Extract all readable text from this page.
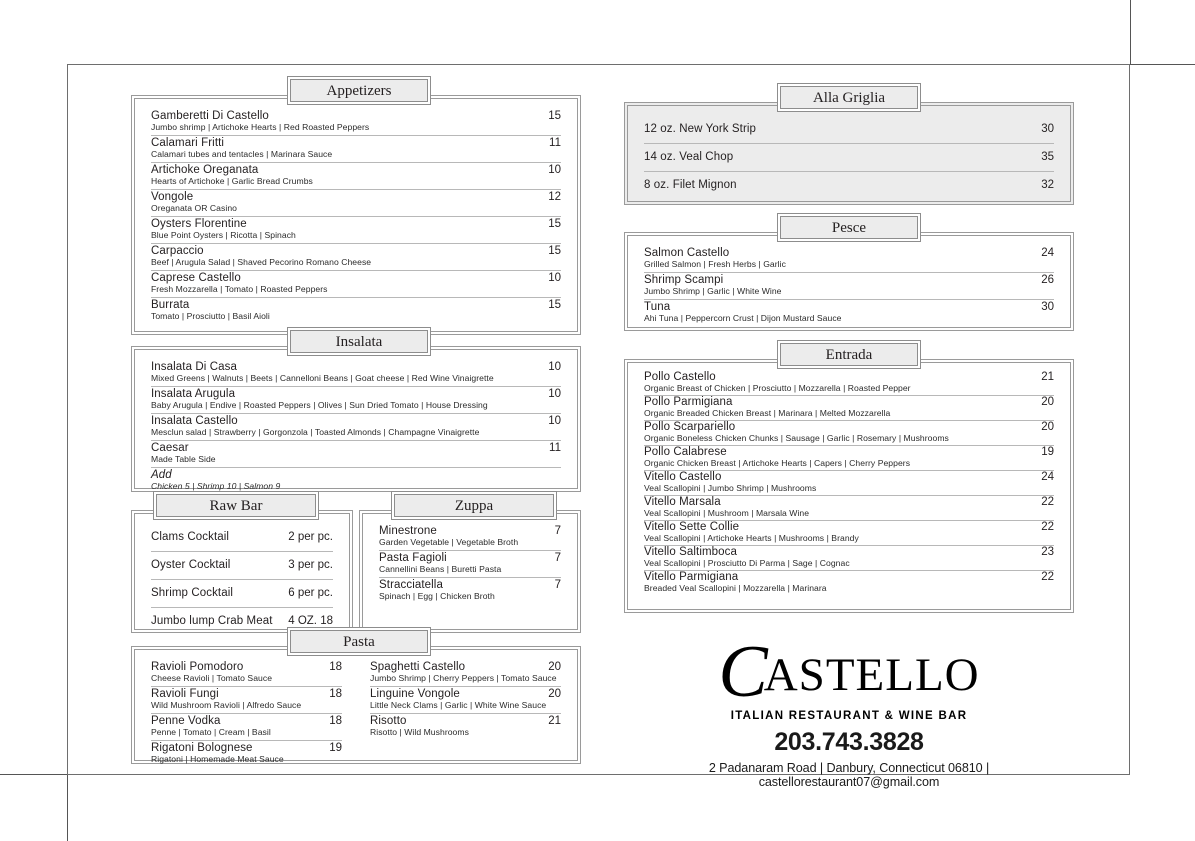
Appetizers
Gamberetti Di Castello	15
Jumbo shrimp | Artichoke Hearts | Red Roasted Peppers
Calamari Fritti	11
Calamari tubes and tentacles | Marinara Sauce
Artichoke Oreganata	10
Hearts of Artichoke | Garlic Bread Crumbs
Vongole	12
Oreganata OR Casino
Oysters Florentine	15
Blue Point Oysters | Ricotta | Spinach
Carpaccio	15
Beef | Arugula Salad | Shaved Pecorino Romano Cheese
Caprese Castello	10
Fresh Mozzarella | Tomato | Roasted Peppers
Burrata	15
Tomato | Prosciutto | Basil Aioli
Insalata
Insalata Di Casa	10
Mixed Greens | Walnuts | Beets | Cannelloni Beans | Goat cheese | Red Wine Vinaigrette
Insalata Arugula	10
Baby Arugula | Endive | Roasted Peppers | Olives | Sun Dried Tomato | House Dressing
Insalata Castello	10
Mesclun salad | Strawberry | Gorgonzola | Toasted Almonds | Champagne Vinaigrette
Caesar	11
Made Table Side
Add
Chicken 5 | Shrimp 10 | Salmon 9
Raw Bar
Clams Cocktail	2 per pc.
Oyster Cocktail	3 per pc.
Shrimp Cocktail	6 per pc.
Jumbo lump Crab Meat	4 OZ. 18
Zuppa
Minestrone	7
Garden Vegetable | Vegetable Broth
Pasta Fagioli	7
Cannellini Beans | Buretti Pasta
Stracciatella	7
Spinach | Egg | Chicken Broth
Pasta
Ravioli Pomodoro	18
Cheese Ravioli | Tomato Sauce
Ravioli Fungi	18
Wild Mushroom Ravioli | Alfredo Sauce
Penne Vodka	18
Penne | Tomato | Cream | Basil
Rigatoni Bolognese	19
Rigatoni | Homemade Meat Sauce
Spaghetti Castello	20
Jumbo Shrimp | Cherry Peppers | Tomato Sauce
Linguine Vongole	20
Little Neck Clams | Garlic | White Wine Sauce
Risotto	21
Risotto | Wild Mushrooms
Alla Griglia
12 oz. New York Strip	30
14 oz. Veal Chop	35
8 oz. Filet Mignon	32
Pesce
Salmon Castello	24
Grilled Salmon | Fresh Herbs | Garlic
Shrimp Scampi	26
Jumbo Shrimp | Garlic | White Wine
Tuna	30
Ahi Tuna | Peppercorn Crust | Dijon Mustard Sauce
Entrada
Pollo Castello	21
Organic Breast of Chicken | Prosciutto | Mozzarella | Roasted Pepper
Pollo Parmigiana	20
Organic Breaded Chicken Breast | Marinara | Melted Mozzarella
Pollo Scarpariello	20
Organic Boneless Chicken Chunks | Sausage | Garlic | Rosemary | Mushrooms
Pollo Calabrese	19
Organic Chicken Breast | Artichoke Hearts | Capers | Cherry Peppers
Vitello Castello	24
Veal Scallopini | Jumbo Shrimp | Mushrooms
Vitello Marsala	22
Veal Scallopini | Mushroom | Marsala Wine
Vitello Sette Collie	22
Veal Scallopini | Artichoke Hearts | Mushrooms | Brandy
Vitello Saltimboca	23
Veal Scallopini | Prosciutto Di Parma | Sage | Cognac
Vitello Parmigiana	22
Breaded Veal Scallopini | Mozzarella | Marinara
CASTELLO
ITALIAN RESTAURANT & WINE BAR
203.743.3828
2 Padanaram Road | Danbury, Connecticut 06810 | castellorestaurant07@gmail.com
